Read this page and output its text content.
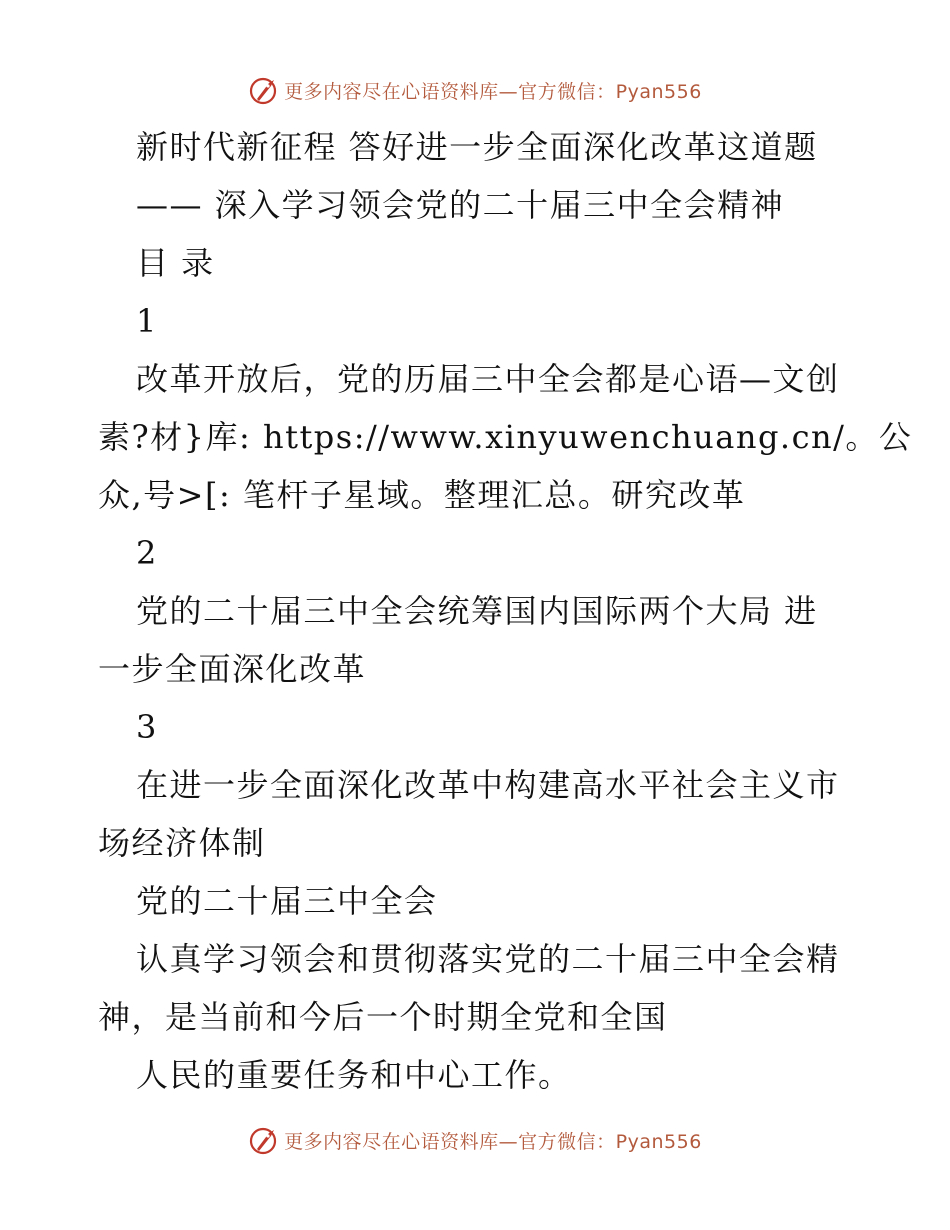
更多内容尽在心语资料库—官方微信：Pyan556
新时代新征程 答好进一步全面深化改革这道题
—— 深入学习领会党的二十届三中全会精神
目 录
1
改革开放后，党的历届三中全会都是心语—文创
素?材}库: https://www.xinyuwenchuang.cn/。公
众,号>[: 笔杆子星域。整理汇总。研究改革
2
党的二十届三中全会统筹国内国际两个大局 进
一步全面深化改革
3
在进一步全面深化改革中构建高水平社会主义市
场经济体制
党的二十届三中全会
认真学习领会和贯彻落实党的二十届三中全会精
神，是当前和今后一个时期全党和全国
人民的重要任务和中心工作。
更多内容尽在心语资料库—官方微信：Pyan556
